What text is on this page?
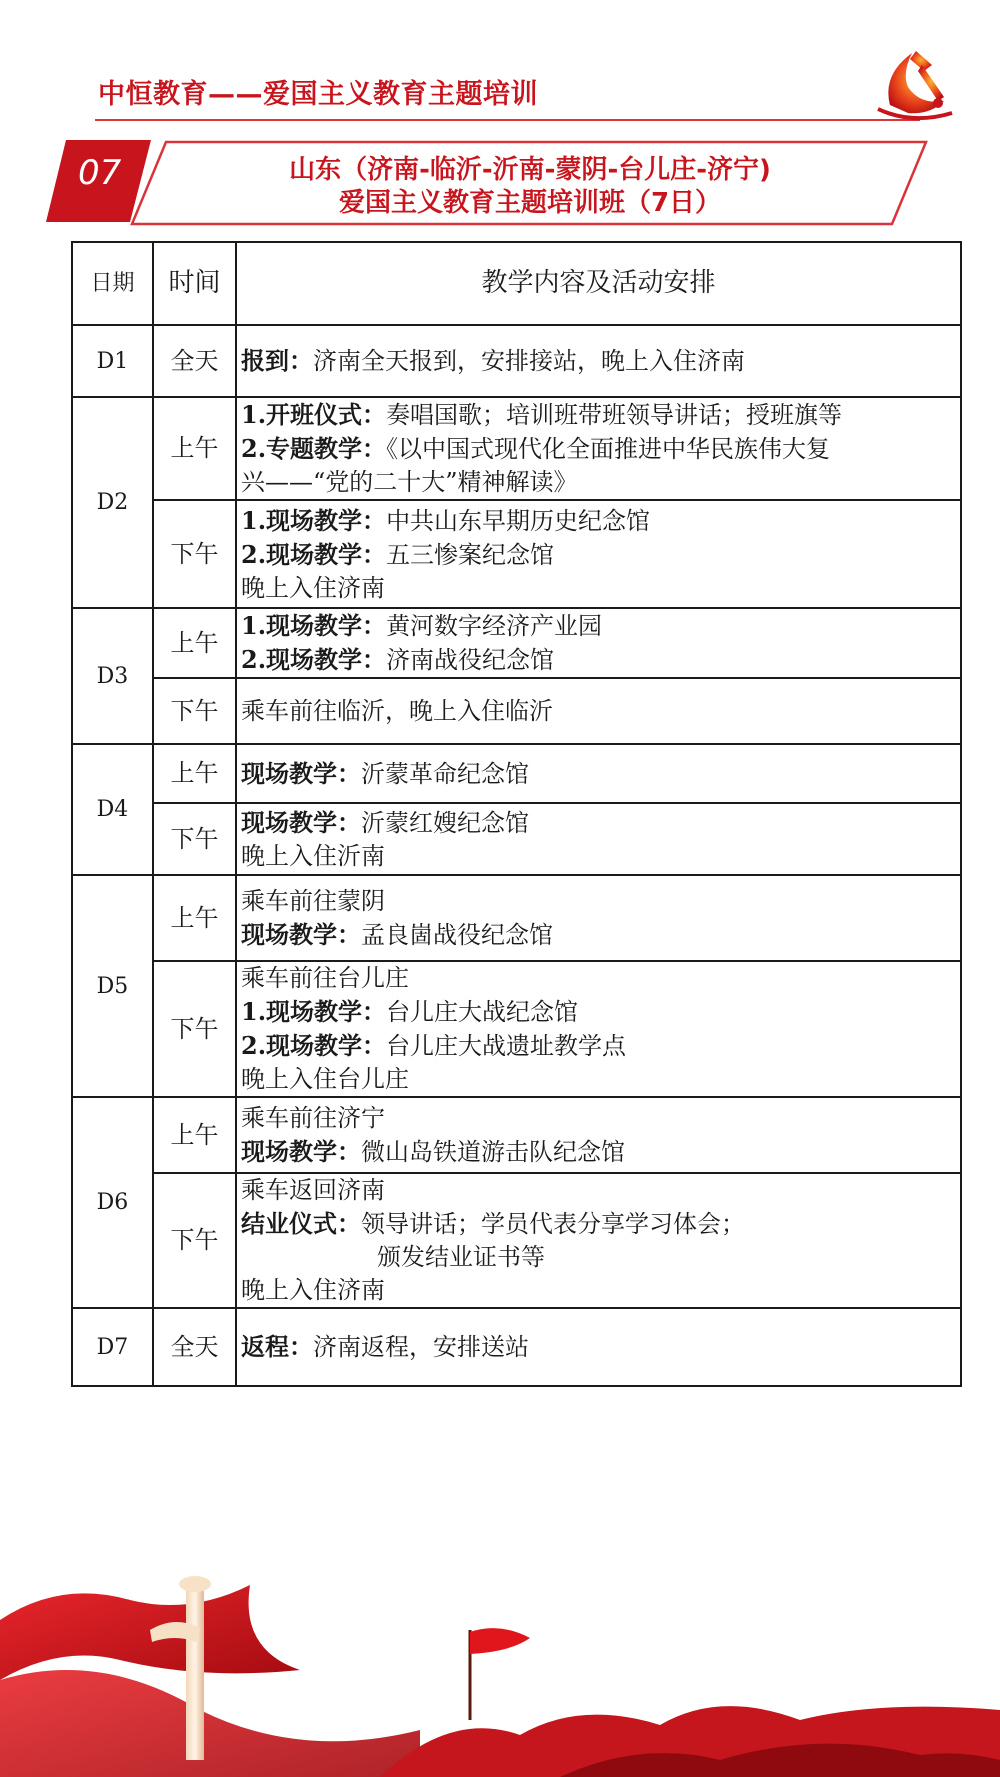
中恒教育——爱国主义教育主题培训
07	山东（济南-临沂-沂南-蒙阴-台儿庄-济宁)
爱国主义教育主题培训班（7日）
日期	时间	教学内容及活动安排
D1	全天	报到：济南全天报到，安排接站，晚上入住济南

D2	上午	1.开班仪式：奏唱国歌；培训班带班领导讲话；授班旗等
2.专题教学：《以中国式现代化全面推进中华民族伟大复
兴——“党的二十大”精神解读》

	下午	1.现场教学：中共山东早期历史纪念馆
2.现场教学：五三惨案纪念馆
晚上入住济南

D3	上午	1.现场教学：黄河数字经济产业园
2.现场教学：济南战役纪念馆

	下午	乘车前往临沂，晚上入住临沂

D4	上午	现场教学：沂蒙革命纪念馆

	下午	现场教学：沂蒙红嫂纪念馆
晚上入住沂南

D5	上午	乘车前往蒙阴
现场教学：孟良崮战役纪念馆

	下午	乘车前往台儿庄
1.现场教学：台儿庄大战纪念馆
2.现场教学：台儿庄大战遗址教学点
晚上入住台儿庄

D6	上午	乘车前往济宁
现场教学：微山岛铁道游击队纪念馆

	下午	乘车返回济南
结业仪式：领导讲话；学员代表分享学习体会；
颁发结业证书等
晚上入住济南

D7	全天	返程：济南返程，安排送站
